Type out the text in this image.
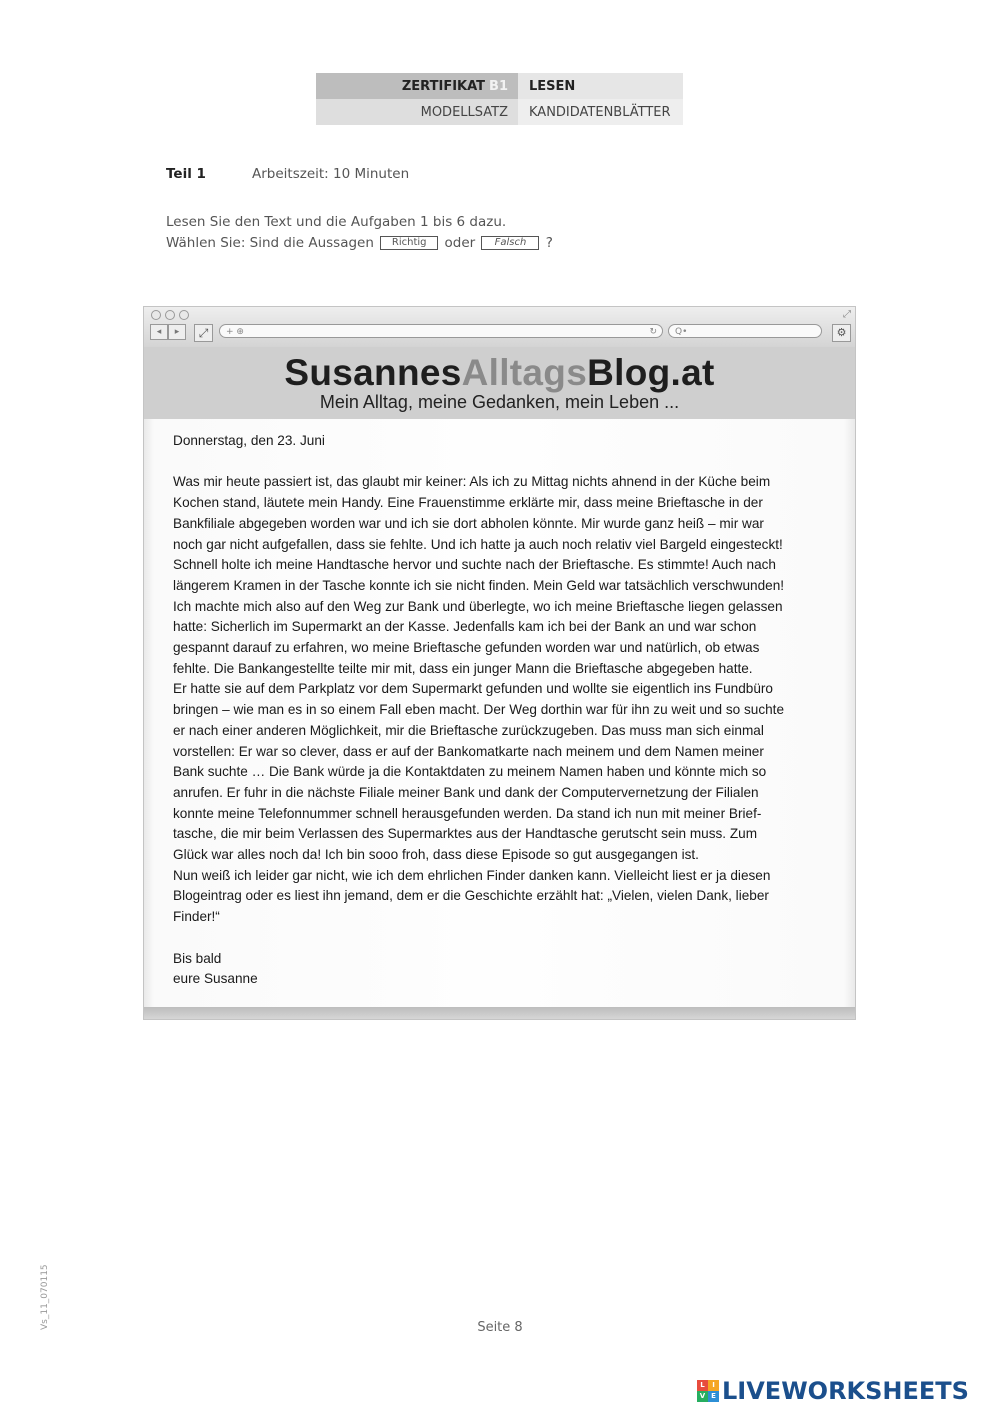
ZERTIFIKAT B1	LESEN
MODELLSATZ	KANDIDATENBLÄTTER
Teil 1	Arbeitszeit: 10 Minuten
Lesen Sie den Text und die Aufgaben 1 bis 6 dazu.
Wählen Sie: Sind die Aussagen Richtig oder Falsch ?
⤢
◂	▸	⤢	+ ⊕	↻	Q•	⚙
SusannesAlltagsBlog.at
Mein Alltag, meine Gedanken, mein Leben ...

Donnerstag, den 23. Juni

Was mir heute passiert ist, das glaubt mir keiner: Als ich zu Mittag nichts ahnend in der Küche beim

Kochen stand, läutete mein Handy. Eine Frauenstimme erklärte mir, dass meine Brieftasche in der

Bankfiliale abgegeben worden war und ich sie dort abholen könnte. Mir wurde ganz heiß – mir war

noch gar nicht aufgefallen, dass sie fehlte. Und ich hatte ja auch noch relativ viel Bargeld eingesteckt!

Schnell holte ich meine Handtasche hervor und suchte nach der Brieftasche. Es stimmte! Auch nach

längerem Kramen in der Tasche konnte ich sie nicht finden. Mein Geld war tatsächlich verschwunden!

Ich machte mich also auf den Weg zur Bank und überlegte, wo ich meine Brieftasche liegen gelassen

hatte: Sicherlich im Supermarkt an der Kasse. Jedenfalls kam ich bei der Bank an und war schon

gespannt darauf zu erfahren, wo meine Brieftasche gefunden worden war und natürlich, ob etwas

fehlte. Die Bankangestellte teilte mir mit, dass ein junger Mann die Brieftasche abgegeben hatte.

Er hatte sie auf dem Parkplatz vor dem Supermarkt gefunden und wollte sie eigentlich ins Fundbüro

bringen – wie man es in so einem Fall eben macht. Der Weg dorthin war für ihn zu weit und so suchte

er nach einer anderen Möglichkeit, mir die Brieftasche zurückzugeben. Das muss man sich einmal

vorstellen: Er war so clever, dass er auf der Bankomatkarte nach meinem und dem Namen meiner

Bank suchte … Die Bank würde ja die Kontaktdaten zu meinem Namen haben und könnte mich so

anrufen. Er fuhr in die nächste Filiale meiner Bank und dank der Computervernetzung der Filialen

konnte meine Telefonnummer schnell herausgefunden werden. Da stand ich nun mit meiner Brief-

tasche, die mir beim Verlassen des Supermarktes aus der Handtasche gerutscht sein muss. Zum

Glück war alles noch da! Ich bin sooo froh, dass diese Episode so gut ausgegangen ist.

Nun weiß ich leider gar nicht, wie ich dem ehrlichen Finder danken kann. Vielleicht liest er ja diesen

Blogeintrag oder es liest ihn jemand, dem er die Geschichte erzählt hat: „Vielen, vielen Dank, lieber

Finder!“

Bis bald

eure Susanne

Vs_11_070115	Seite 8
L	I
V E LIVEWORKSHEETS
